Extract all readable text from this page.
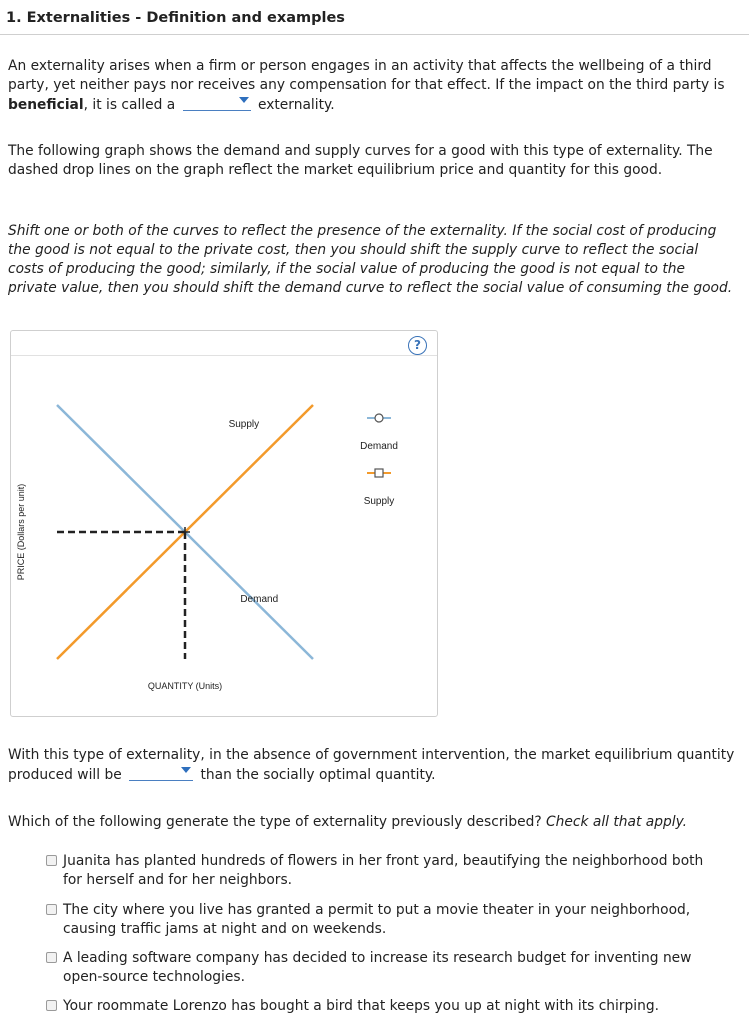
1. Externalities - Definition and examples
An externality arises when a firm or person engages in an activity that affects the wellbeing of a third party, yet neither pays nor receives any compensation for that effect. If the impact on the third party is beneficial, it is called a	externality.
The following graph shows the demand and supply curves for a good with this type of externality. The dashed drop lines on the graph reflect the market equilibrium price and quantity for this good.
Shift one or both of the curves to reflect the presence of the externality. If the social cost of producing the good is not equal to the private cost, then you should shift the supply curve to reflect the social costs of producing the good; similarly, if the social value of producing the good is not equal to the private value, then you should shift the demand curve to reflect the social value of consuming the good.
?
Supply
Demand
QUANTITY (Units)
PRICE (Dollars per unit)
Demand
Supply
With this type of externality, in the absence of government intervention, the market equilibrium quantity produced will be	than the socially optimal quantity.
Which of the following generate the type of externality previously described? Check all that apply.
Juanita has planted hundreds of flowers in her front yard, beautifying the neighborhood both for herself and for her neighbors.
The city where you live has granted a permit to put a movie theater in your neighborhood, causing traffic jams at night and on weekends.
A leading software company has decided to increase its research budget for inventing new open-source technologies.
Your roommate Lorenzo has bought a bird that keeps you up at night with its chirping.
